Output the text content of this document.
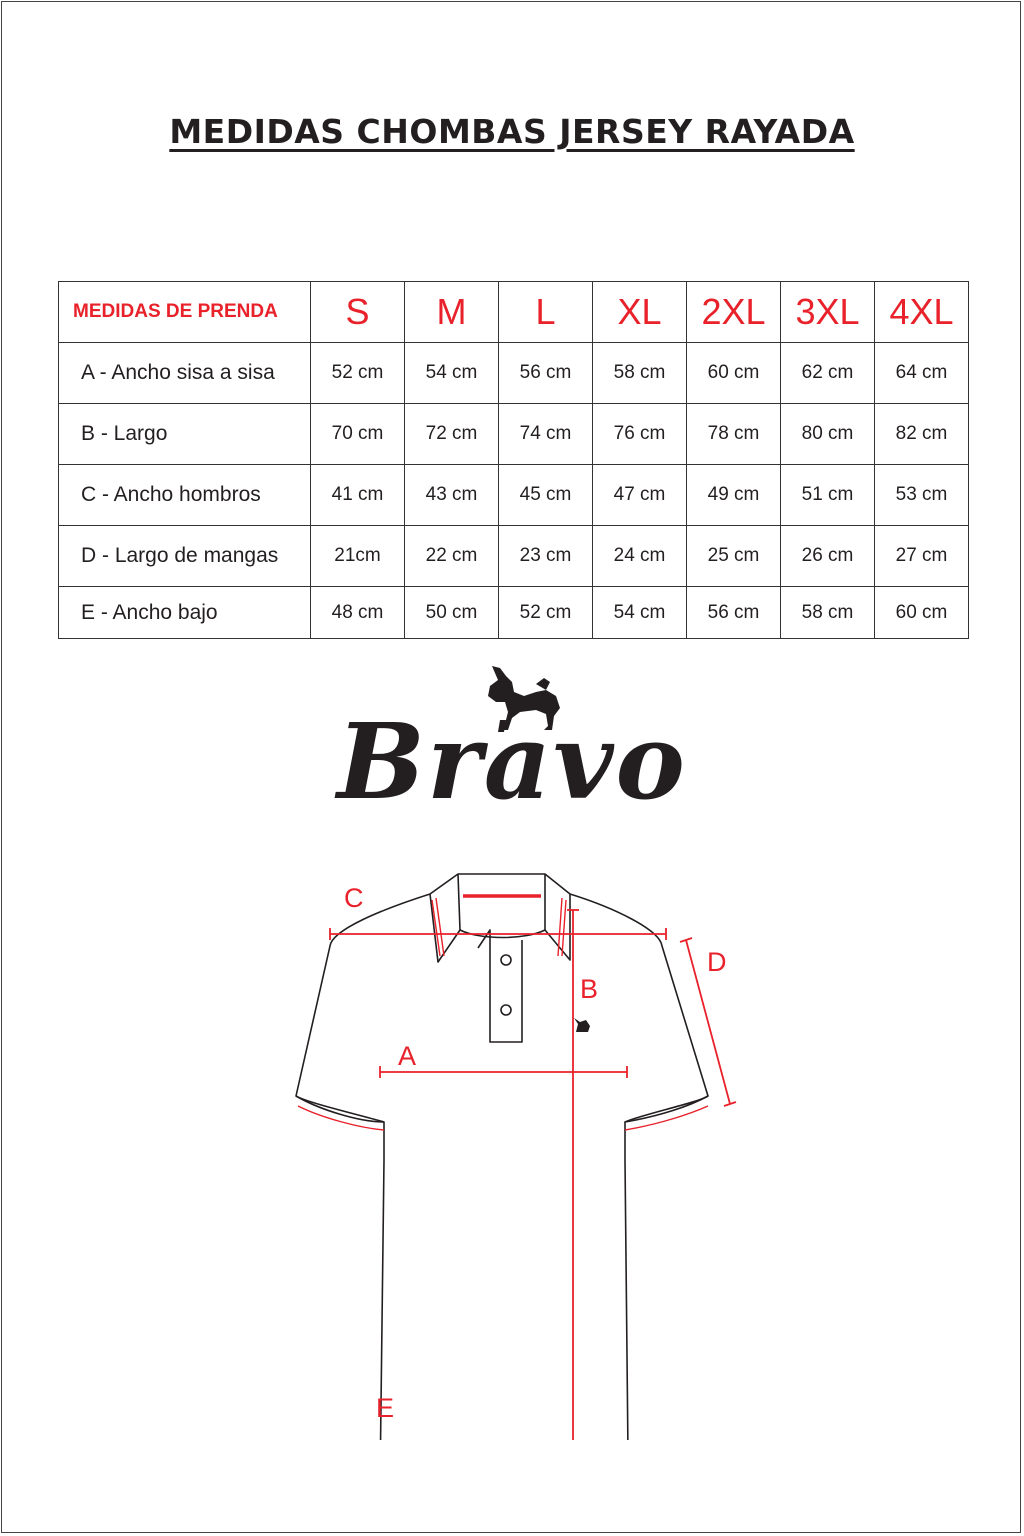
MEDIDAS CHOMBAS JERSEY RAYADA
MEDIDAS DE PRENDA	S	M	L	XL	2XL	3XL	4XL
A - Ancho sisa a sisa	52 cm	54 cm	56 cm	58 cm	60 cm	62 cm	64 cm
B - Largo	70 cm	72 cm	74 cm	76 cm	78 cm	80 cm	82 cm
C - Ancho hombros	41 cm	43 cm	45 cm	47 cm	49 cm	51 cm	53 cm
D - Largo de mangas	21cm	22 cm	23 cm	24 cm	25 cm	26 cm	27 cm
E - Ancho bajo	48 cm	50 cm	52 cm	54 cm	56 cm	58 cm	60 cm
Bravo
C
D
B
A
E
